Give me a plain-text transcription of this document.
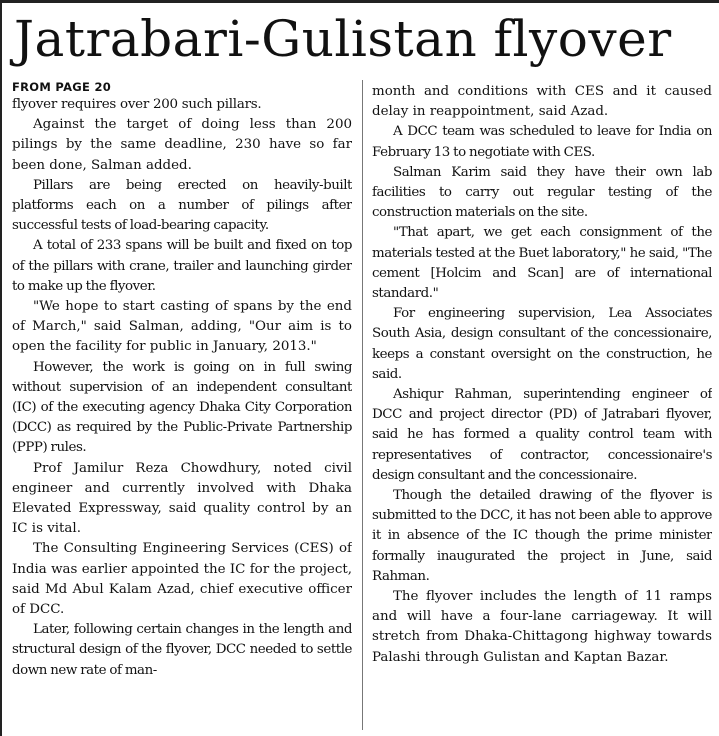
Jatrabari-Gulistan flyover
FROM PAGE 20

flyover requires over 200 such pillars.

Against the target of doing less than 200 pilings by the same deadline, 230 have so far been done, Salman added.

Pillars are being erected on heavily-built platforms each on a number of pilings after successful tests of load-bearing capacity.

A total of 233 spans will be built and fixed on top of the pillars with crane, trailer and launching girder to make up the flyover.

"We hope to start casting of spans by the end of March," said Salman, adding, "Our aim is to open the facility for public in January, 2013."

However, the work is going on in full swing without supervision of an independent consultant (IC) of the executing agency Dhaka City Corporation (DCC) as required by the Public-Private Partnership (PPP) rules.

Prof Jamilur Reza Chowdhury, noted civil engineer and currently involved with Dhaka Elevated Expressway, said quality control by an IC is vital.

The Consulting Engineering Services (CES) of India was earlier appointed the IC for the project, said Md Abul Kalam Azad, chief executive officer of DCC.

Later, following certain changes in the length and structural design of the flyover, DCC needed to settle down new rate of man-

month and conditions with CES and it caused delay in reappointment, said Azad.

A DCC team was scheduled to leave for India on February 13 to negotiate with CES.

Salman Karim said they have their own lab facilities to carry out regular testing of the construction materials on the site.

"That apart, we get each consignment of the materials tested at the Buet laboratory," he said, "The cement [Holcim and Scan] are of international standard."

For engineering supervision, Lea Associates South Asia, design consultant of the concessionaire, keeps a constant oversight on the construction, he said.

Ashiqur Rahman, superintending engineer of DCC and project director (PD) of Jatrabari flyover, said he has formed a quality control team with representatives of contractor, concessionaire's design consultant and the concessionaire.

Though the detailed drawing of the flyover is submitted to the DCC, it has not been able to approve it in absence of the IC though the prime minister formally inaugurated the project in June, said Rahman.

The flyover includes the length of 11 ramps and will have a four-lane carriageway. It will stretch from Dhaka-Chittagong highway towards Palashi through Gulistan and Kaptan Bazar.
